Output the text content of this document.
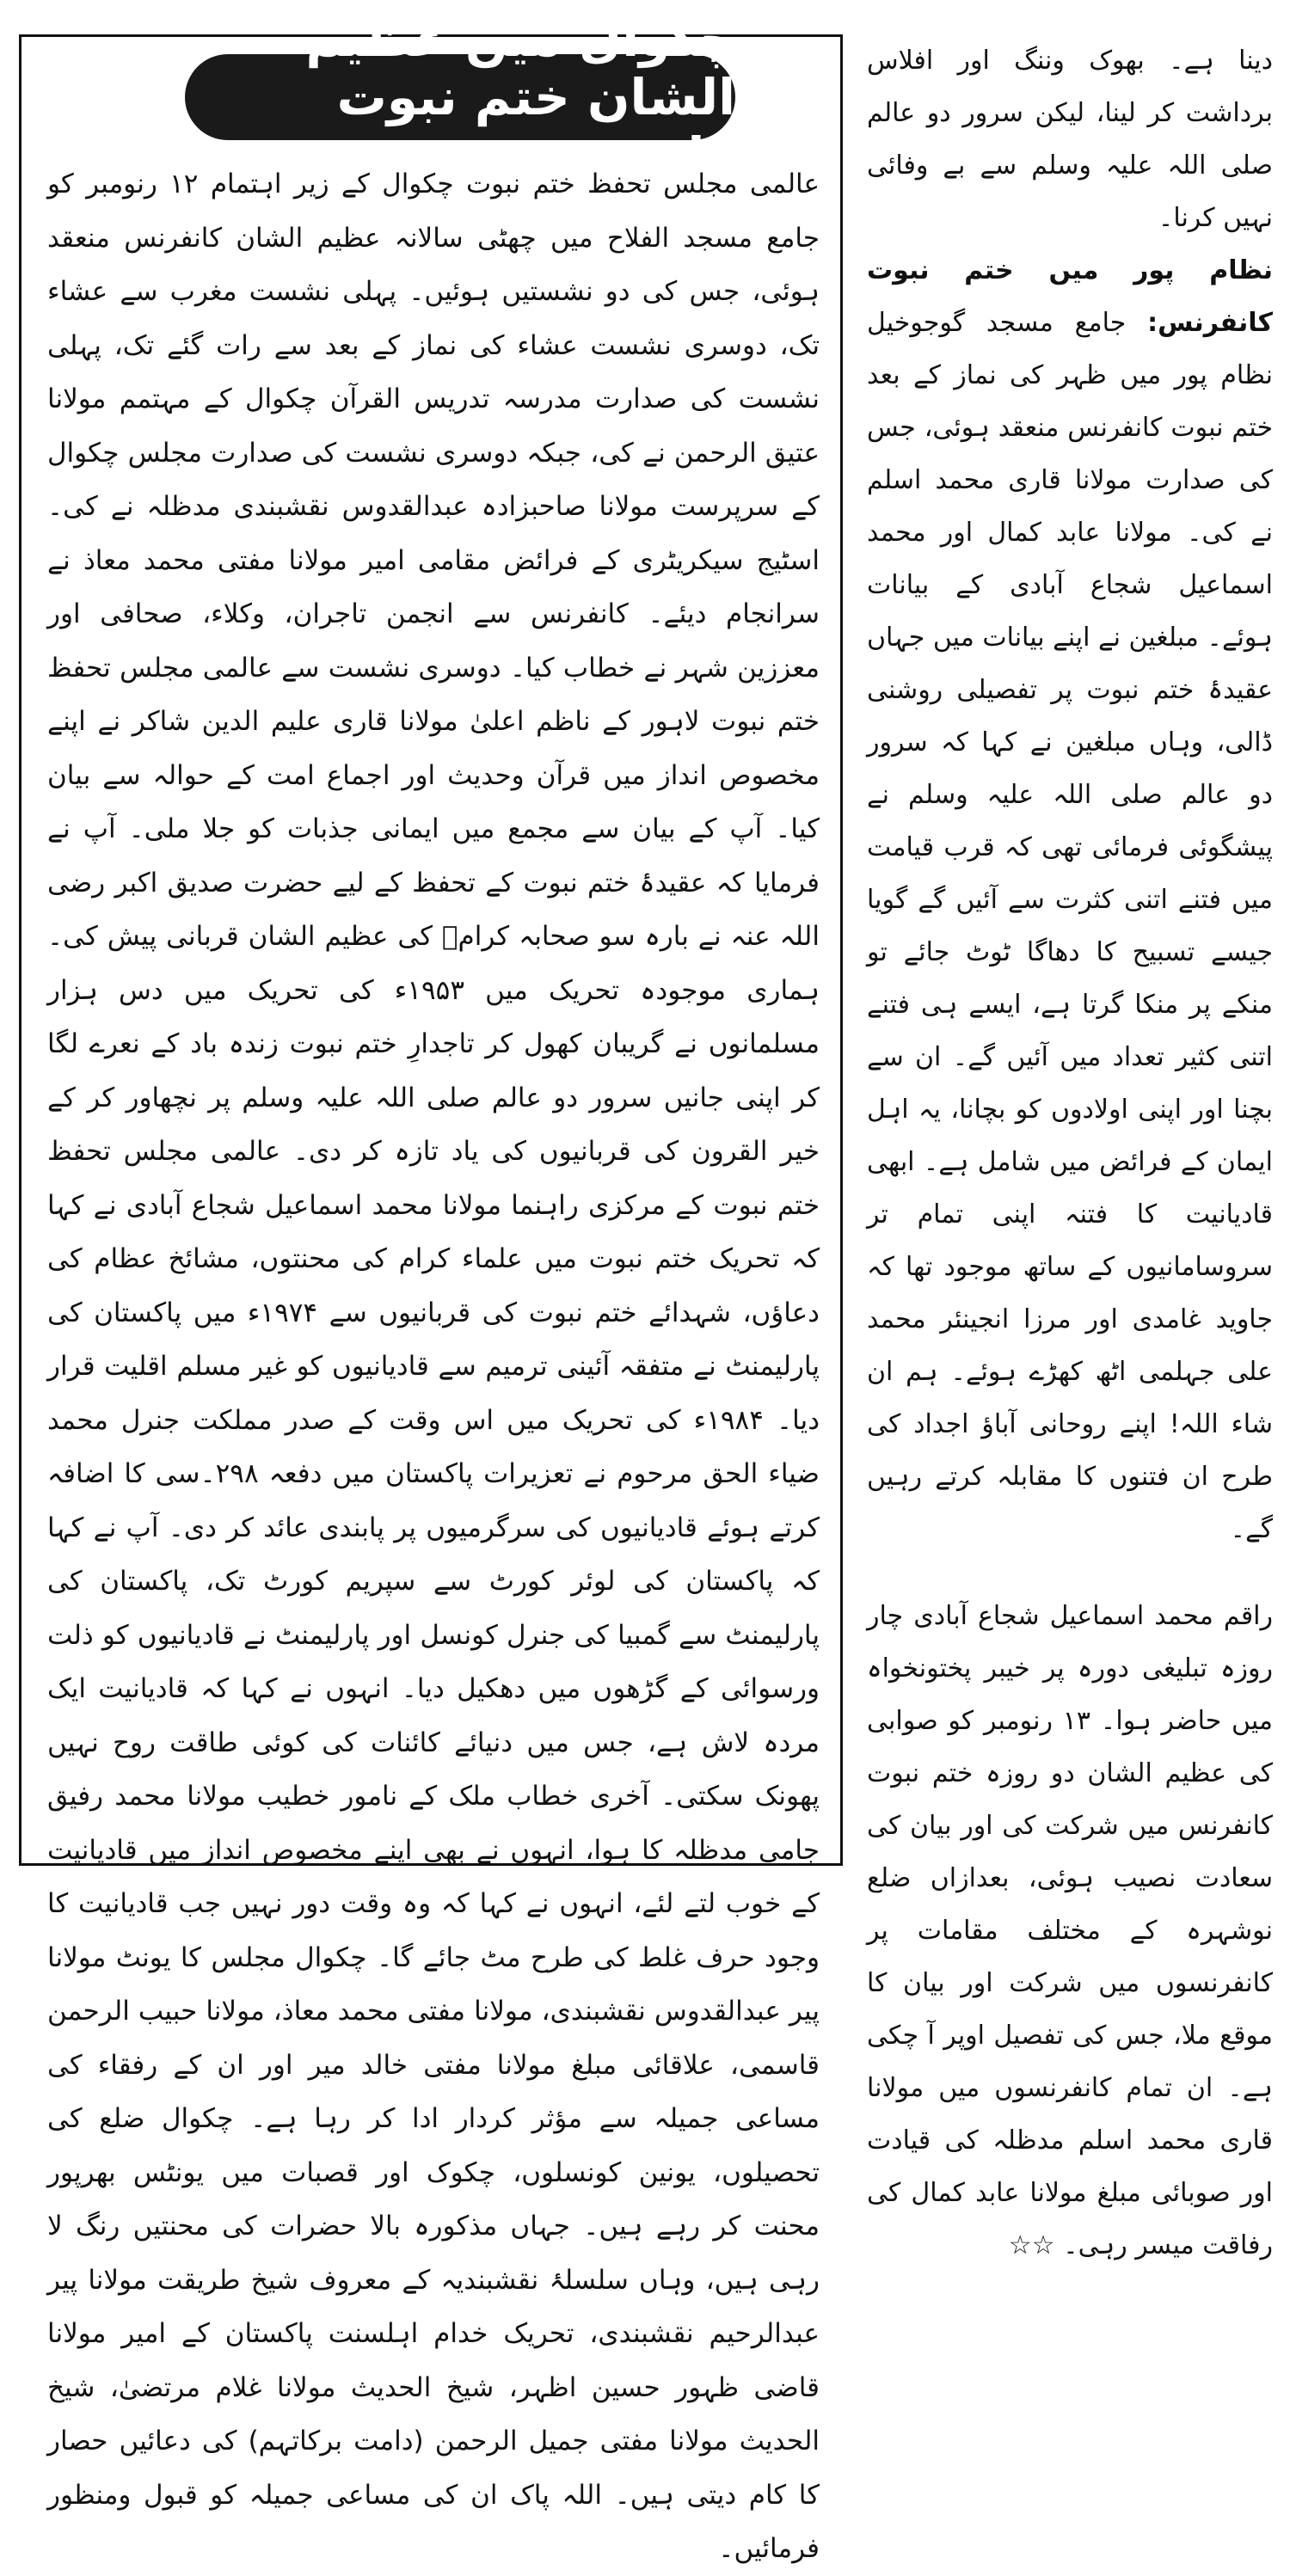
چکوال میں عظیم الشان ختم نبوت کانفرنس
عالمی مجلس تحفظ ختم نبوت چکوال کے زیر اہتمام ۱۲ رنومبر کو جامع مسجد الفلاح میں چھٹی سالانہ عظیم الشان کانفرنس منعقد ہوئی، جس کی دو نشستیں ہوئیں۔ پہلی نشست مغرب سے عشاء تک، دوسری نشست عشاء کی نماز کے بعد سے رات گئے تک، پہلی نشست کی صدارت مدرسہ تدریس القرآن چکوال کے مہتمم مولانا عتیق الرحمن نے کی، جبکہ دوسری نشست کی صدارت مجلس چکوال کے سرپرست مولانا صاحبزادہ عبدالقدوس نقشبندی مدظلہ نے کی۔ اسٹیج سیکریٹری کے فرائض مقامی امیر مولانا مفتی محمد معاذ نے سرانجام دیئے۔ کانفرنس سے انجمن تاجران، وکلاء، صحافی اور معززین شہر نے خطاب کیا۔ دوسری نشست سے عالمی مجلس تحفظ ختم نبوت لاہور کے ناظم اعلیٰ مولانا قاری علیم الدین شاکر نے اپنے مخصوص انداز میں قرآن وحدیث اور اجماع امت کے حوالہ سے بیان کیا۔ آپ کے بیان سے مجمع میں ایمانی جذبات کو جلا ملی۔ آپ نے فرمایا کہ عقیدۂ ختم نبوت کے تحفظ کے لیے حضرت صدیق اکبر رضی اللہ عنہ نے بارہ سو صحابہ کرامؓ کی عظیم الشان قربانی پیش کی۔ ہماری موجودہ تحریک میں ۱۹۵۳ء کی تحریک میں دس ہزار مسلمانوں نے گریبان کھول کر تاجدارِ ختم نبوت زندہ باد کے نعرے لگا کر اپنی جانیں سرور دو عالم صلی اللہ علیہ وسلم پر نچھاور کر کے خیر القرون کی قربانیوں کی یاد تازہ کر دی۔ عالمی مجلس تحفظ ختم نبوت کے مرکزی راہنما مولانا محمد اسماعیل شجاع آبادی نے کہا کہ تحریک ختم نبوت میں علماء کرام کی محنتوں، مشائخ عظام کی دعاؤں، شہدائے ختم نبوت کی قربانیوں سے ۱۹۷۴ء میں پاکستان کی پارلیمنٹ نے متفقہ آئینی ترمیم سے قادیانیوں کو غیر مسلم اقلیت قرار دیا۔ ۱۹۸۴ء کی تحریک میں اس وقت کے صدر مملکت جنرل محمد ضیاء الحق مرحوم نے تعزیرات پاکستان میں دفعہ ۲۹۸۔سی کا اضافہ کرتے ہوئے قادیانیوں کی سرگرمیوں پر پابندی عائد کر دی۔ آپ نے کہا کہ پاکستان کی لوئر کورٹ سے سپریم کورٹ تک، پاکستان کی پارلیمنٹ سے گمبیا کی جنرل کونسل اور پارلیمنٹ نے قادیانیوں کو ذلت ورسوائی کے گڑھوں میں دھکیل دیا۔ انہوں نے کہا کہ قادیانیت ایک مردہ لاش ہے، جس میں دنیائے کائنات کی کوئی طاقت روح نہیں پھونک سکتی۔ آخری خطاب ملک کے نامور خطیب مولانا محمد رفیق جامی مدظلہ کا ہوا، انہوں نے بھی اپنے مخصوص انداز میں قادیانیت کے خوب لتے لئے، انہوں نے کہا کہ وہ وقت دور نہیں جب قادیانیت کا وجود حرف غلط کی طرح مٹ جائے گا۔ چکوال مجلس کا یونٹ مولانا پیر عبدالقدوس نقشبندی، مولانا مفتی محمد معاذ، مولانا حبیب الرحمن قاسمی، علاقائی مبلغ مولانا مفتی خالد میر اور ان کے رفقاء کی مساعی جمیلہ سے مؤثر کردار ادا کر رہا ہے۔ چکوال ضلع کی تحصیلوں، یونین کونسلوں، چکوک اور قصبات میں یونٹس بھرپور محنت کر رہے ہیں۔ جہاں مذکورہ بالا حضرات کی محنتیں رنگ لا رہی ہیں، وہاں سلسلۂ نقشبندیہ کے معروف شیخ طریقت مولانا پیر عبدالرحیم نقشبندی، تحریک خدام اہلسنت پاکستان کے امیر مولانا قاضی ظہور حسین اظہر، شیخ الحدیث مولانا غلام مرتضیٰ، شیخ الحدیث مولانا مفتی جمیل الرحمن (دامت برکاتہم) کی دعائیں حصار کا کام دیتی ہیں۔ اللہ پاک ان کی مساعی جمیلہ کو قبول ومنظور فرمائیں۔

دینا ہے۔ بھوک وننگ اور افلاس برداشت کر لینا، لیکن سرور دو عالم صلی اللہ علیہ وسلم سے بے وفائی نہیں کرنا۔

نظام پور میں ختم نبوت کانفرنس: جامع مسجد گوجوخیل نظام پور میں ظہر کی نماز کے بعد ختم نبوت کانفرنس منعقد ہوئی، جس کی صدارت مولانا قاری محمد اسلم نے کی۔ مولانا عابد کمال اور محمد اسماعیل شجاع آبادی کے بیانات ہوئے۔ مبلغین نے اپنے بیانات میں جہاں عقیدۂ ختم نبوت پر تفصیلی روشنی ڈالی، وہاں مبلغین نے کہا کہ سرور دو عالم صلی اللہ علیہ وسلم نے پیشگوئی فرمائی تھی کہ قرب قیامت میں فتنے اتنی کثرت سے آئیں گے گویا جیسے تسبیح کا دھاگا ٹوٹ جائے تو منکے پر منکا گرتا ہے، ایسے ہی فتنے اتنی کثیر تعداد میں آئیں گے۔ ان سے بچنا اور اپنی اولادوں کو بچانا، یہ اہل ایمان کے فرائض میں شامل ہے۔ ابھی قادیانیت کا فتنہ اپنی تمام تر سروسامانیوں کے ساتھ موجود تھا کہ جاوید غامدی اور مرزا انجینئر محمد علی جہلمی اٹھ کھڑے ہوئے۔ ہم ان شاء اللہ! اپنے روحانی آباؤ اجداد کی طرح ان فتنوں کا مقابلہ کرتے رہیں گے۔

راقم محمد اسماعیل شجاع آبادی چار روزہ تبلیغی دورہ پر خیبر پختونخواہ میں حاضر ہوا۔ ۱۳ رنومبر کو صوابی کی عظیم الشان دو روزہ ختم نبوت کانفرنس میں شرکت کی اور بیان کی سعادت نصیب ہوئی، بعدازاں ضلع نوشہرہ کے مختلف مقامات پر کانفرنسوں میں شرکت اور بیان کا موقع ملا، جس کی تفصیل اوپر آ چکی ہے۔ ان تمام کانفرنسوں میں مولانا قاری محمد اسلم مدظلہ کی قیادت اور صوبائی مبلغ مولانا عابد کمال کی رفاقت میسر رہی۔ ☆☆
